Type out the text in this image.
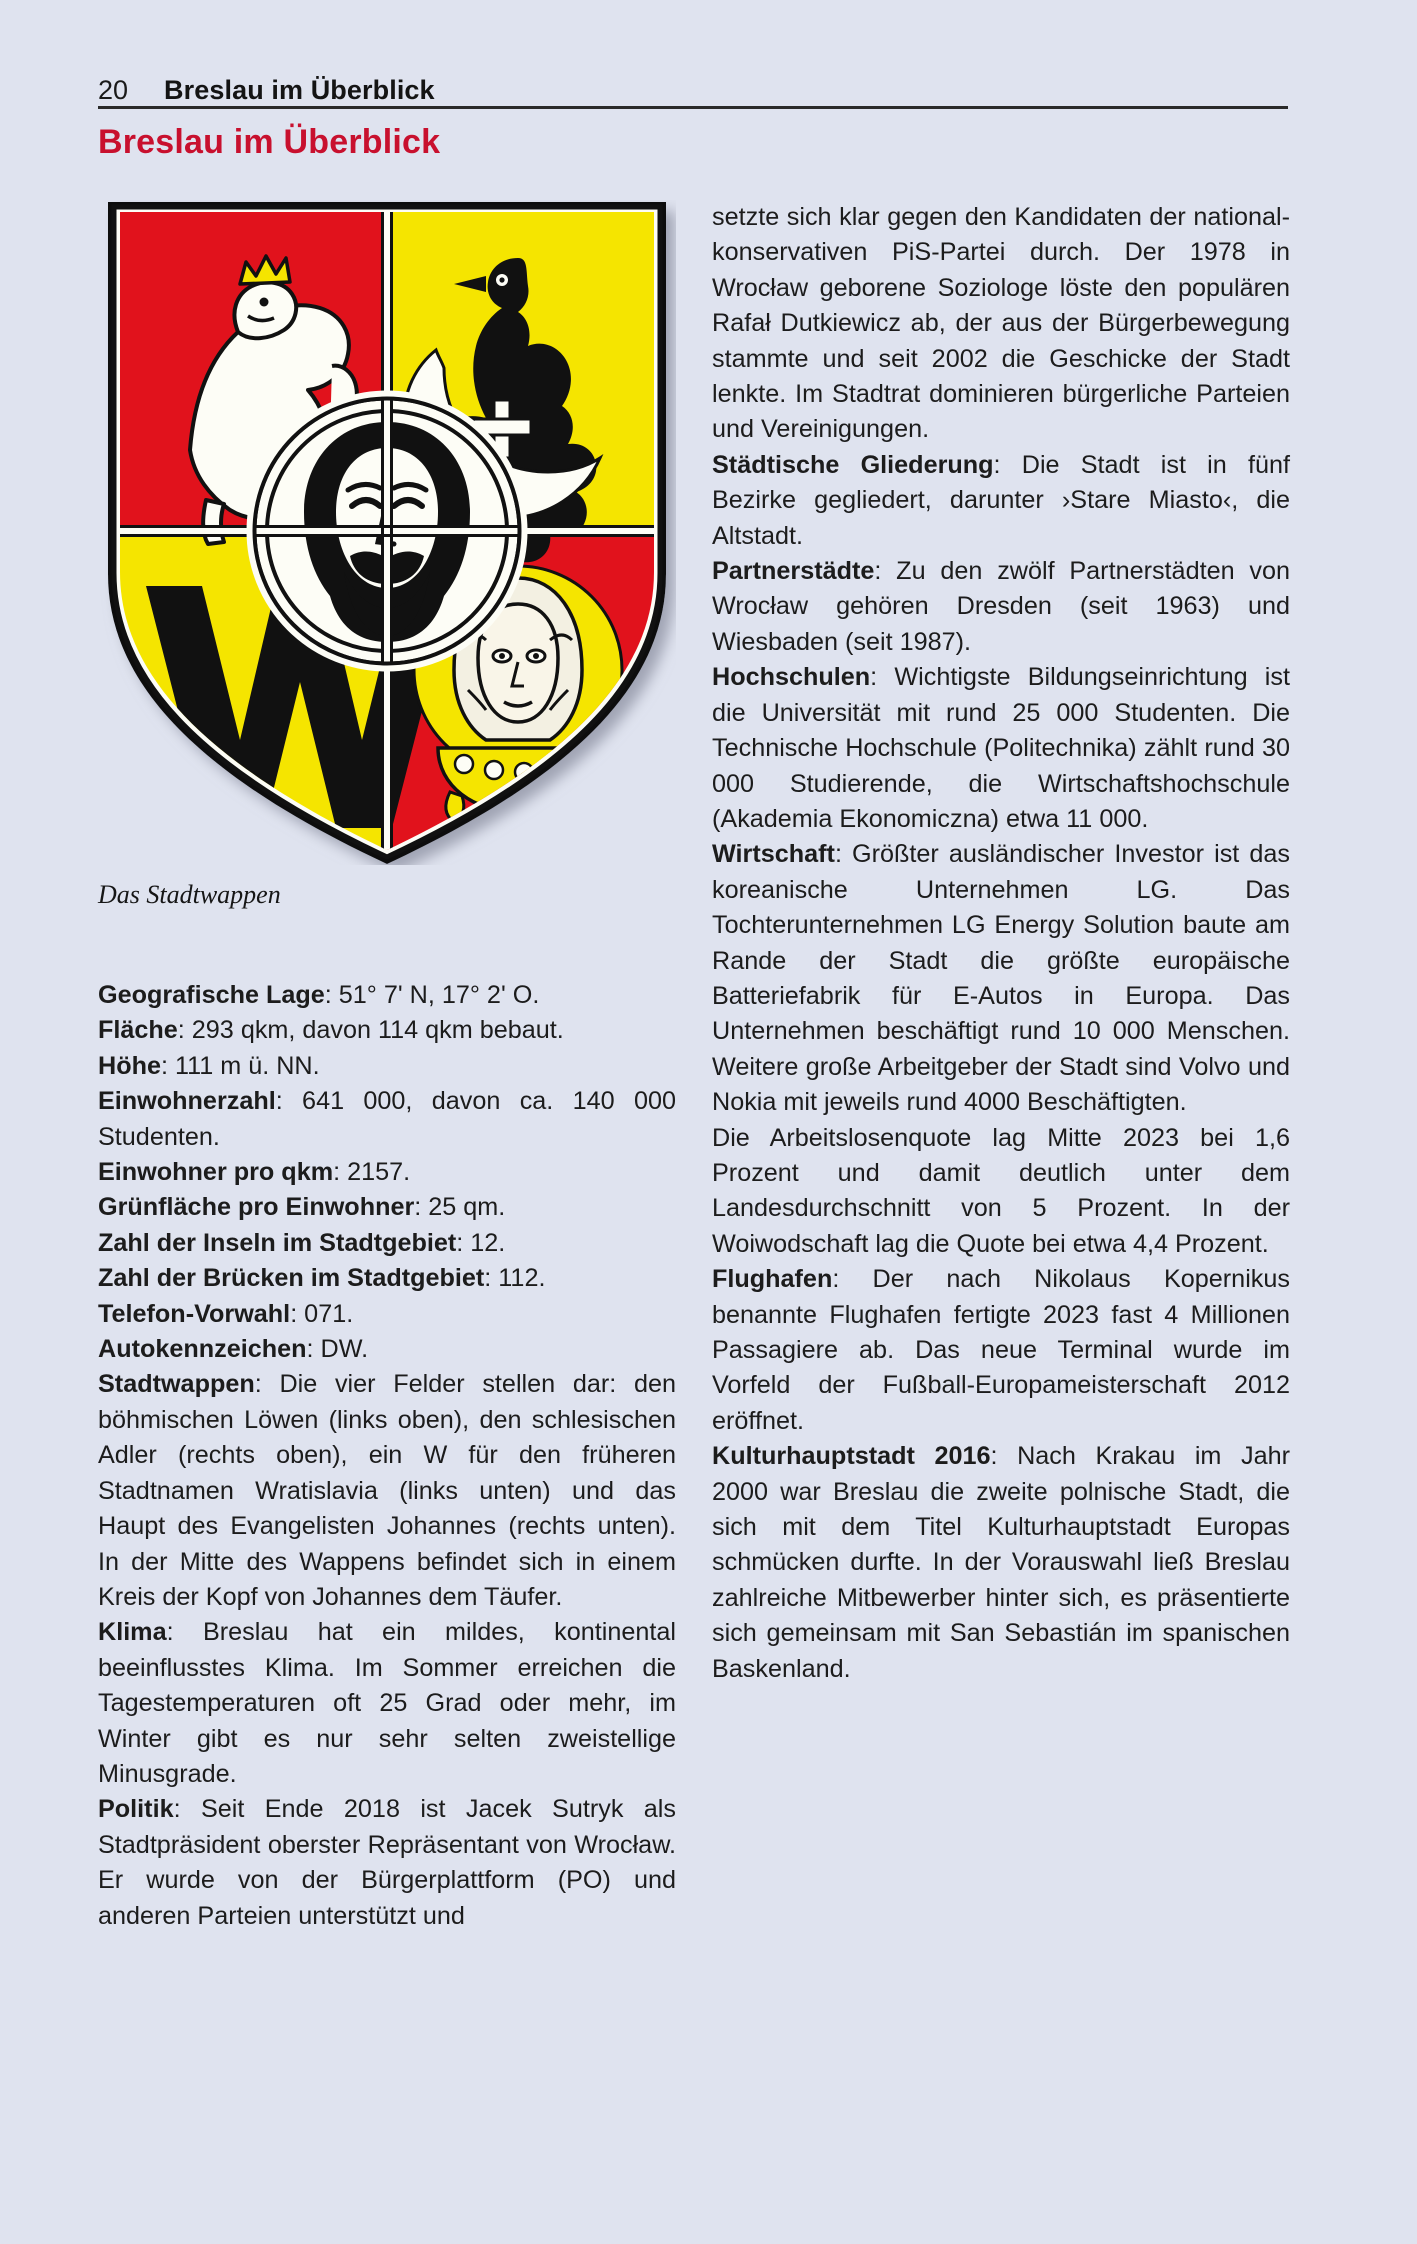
20 Breslau im Überblick
Breslau im Überblick
Das Stadtwappen

Geografische Lage: 51° 7' N, 17° 2' O.

Fläche: 293 qkm, davon 114 qkm bebaut.

Höhe: 111 m ü. NN.

Einwohnerzahl: 641 000, davon ca. 140 000 Studenten.

Einwohner pro qkm: 2157.

Grünfläche pro Einwohner: 25 qm.

Zahl der Inseln im Stadtgebiet: 12.

Zahl der Brücken im Stadtgebiet: 112.

Telefon-Vorwahl: 071.

Autokennzeichen: DW.

Stadtwappen: Die vier Felder stellen dar: den böhmischen Löwen (links oben), den schlesischen Adler (rechts oben), ein W für den früheren Stadtnamen Wratislavia (links unten) und das Haupt des Evangelisten Johannes (rechts unten). In der Mitte des Wappens befindet sich in einem Kreis der Kopf von Johannes dem Täufer.

Klima: Breslau hat ein mildes, kontinental beeinflusstes Klima. Im Sommer erreichen die Tagestemperaturen oft 25 Grad oder mehr, im Winter gibt es nur sehr selten zweistellige Minusgrade.

Politik: Seit Ende 2018 ist Jacek Sutryk als Stadtpräsident oberster Repräsentant von Wrocław. Er wurde von der Bürgerplattform (PO) und anderen Parteien unterstützt und

setzte sich klar gegen den Kandidaten der national-konservativen PiS-Partei durch. Der 1978 in Wrocław geborene Soziologe löste den populären Rafał Dutkiewicz ab, der aus der Bürgerbewegung stammte und seit 2002 die Geschicke der Stadt lenkte. Im Stadtrat dominieren bürgerliche Parteien und Vereinigungen.

Städtische Gliederung: Die Stadt ist in fünf Bezirke gegliedert, darunter ›Stare Miasto‹, die Altstadt.

Partnerstädte: Zu den zwölf Partnerstädten von Wrocław gehören Dresden (seit 1963) und Wiesbaden (seit 1987).

Hochschulen: Wichtigste Bildungseinrichtung ist die Universität mit rund 25 000 Studenten. Die Technische Hochschule (Politechnika) zählt rund 30 000 Studierende, die Wirtschaftshochschule (Akademia Ekonomiczna) etwa 11 000.

Wirtschaft: Größter ausländischer Investor ist das koreanische Unternehmen LG. Das Tochterunternehmen LG Energy Solution baute am Rande der Stadt die größte europäische Batteriefabrik für E-Autos in Europa. Das Unternehmen beschäftigt rund 10 000 Menschen. Weitere große Arbeitgeber der Stadt sind Volvo und Nokia mit jeweils rund 4000 Beschäftigten.

Die Arbeitslosenquote lag Mitte 2023 bei 1,6 Prozent und damit deutlich unter dem Landesdurchschnitt von 5 Prozent. In der Woiwodschaft lag die Quote bei etwa 4,4 Prozent.

Flughafen: Der nach Nikolaus Kopernikus benannte Flughafen fertigte 2023 fast 4 Millionen Passagiere ab. Das neue Terminal wurde im Vorfeld der Fußball-Europameisterschaft 2012 eröffnet.

Kulturhauptstadt 2016: Nach Krakau im Jahr 2000 war Breslau die zweite polnische Stadt, die sich mit dem Titel Kulturhauptstadt Europas schmücken durfte. In der Vorauswahl ließ Breslau zahlreiche Mitbewerber hinter sich, es präsentierte sich gemeinsam mit San Sebastián im spanischen Baskenland.
